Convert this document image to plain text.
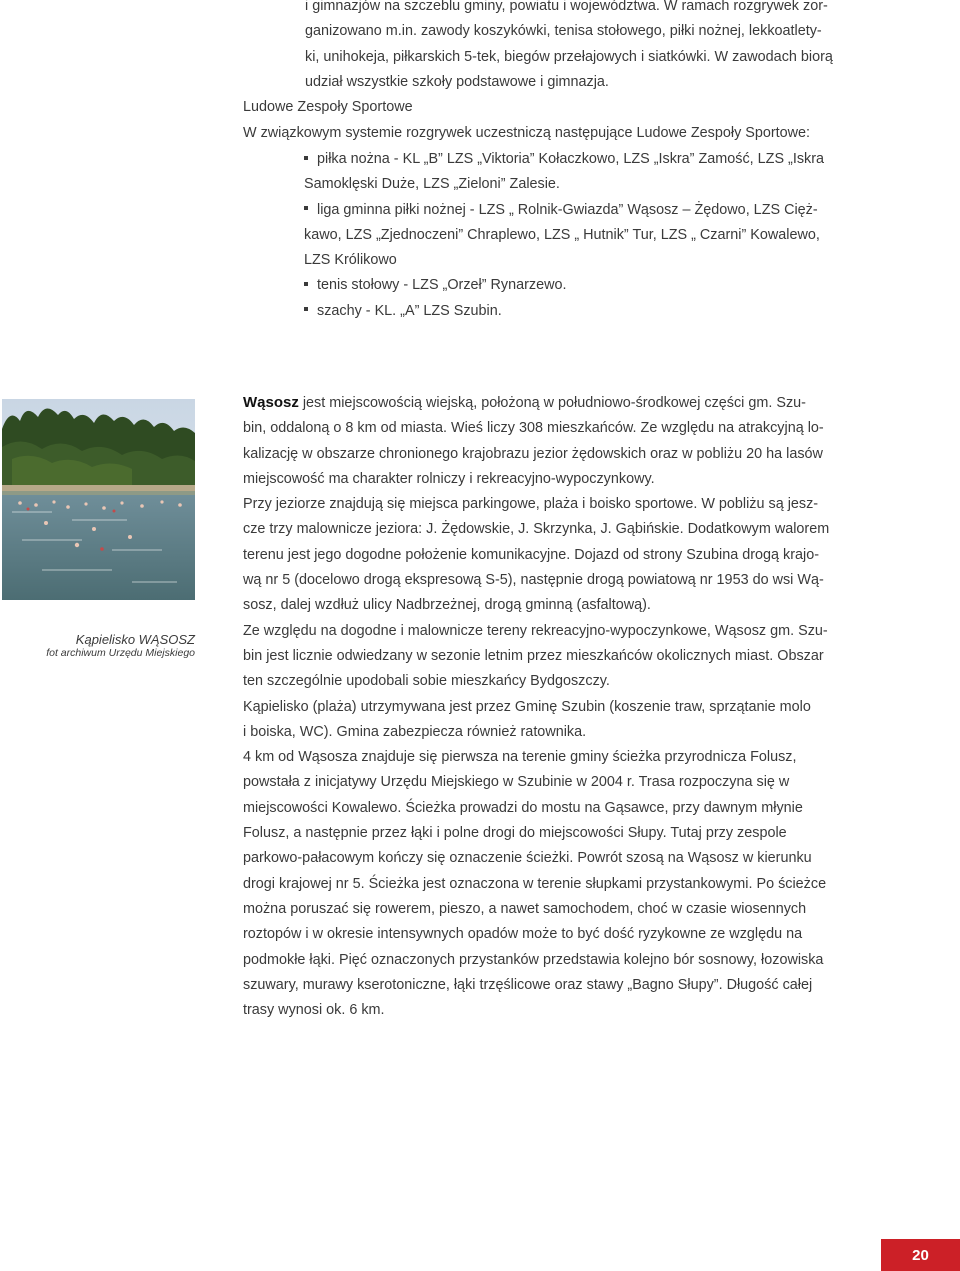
i gimnazjów na szczeblu gminy, powiatu i województwa. W ramach rozgrywek zor-

ganizowano m.in. zawody koszykówki, tenisa stołowego, piłki nożnej, lekkoatlety-

ki, unihokeja, piłkarskich 5-tek, biegów przełajowych i siatkówki. W zawodach biorą

udział wszystkie szkoły podstawowe i gimnazja.

Ludowe Zespoły Sportowe

W związkowym systemie rozgrywek uczestniczą następujące Ludowe Zespoły Sportowe:

piłka nożna - KL „B” LZS „Viktoria” Kołaczkowo, LZS „Iskra” Zamość, LZS „Iskra

Samoklęski Duże, LZS „Zieloni” Zalesie.

liga gminna piłki nożnej - LZS „ Rolnik-Gwiazda” Wąsosz – Żędowo, LZS Cięż-

kawo, LZS „Zjednoczeni” Chraplewo, LZS „ Hutnik” Tur, LZS „ Czarni” Kowalewo,

LZS Królikowo

tenis stołowy - LZS „Orzeł” Rynarzewo.

szachy - KL. „A” LZS Szubin.

Kąpielisko WĄSOSZ

fot archiwum Urzędu Miejskiego

Wąsosz jest miejscowością wiejską, położoną w południowo-środkowej części gm. Szu-

bin, oddaloną o 8 km od miasta. Wieś liczy 308 mieszkańców. Ze względu na atrakcyjną lo-

kalizację w obszarze chronionego krajobrazu jezior żędowskich oraz w pobliżu 20 ha lasów

miejscowość ma charakter rolniczy i rekreacyjno-wypoczynkowy.

Przy jeziorze znajdują się miejsca parkingowe, plaża i boisko sportowe. W pobliżu są jesz-

cze trzy malownicze jeziora: J. Żędowskie, J. Skrzynka, J. Gąbińskie. Dodatkowym walorem

terenu jest jego dogodne położenie komunikacyjne. Dojazd od strony Szubina drogą krajo-

wą nr 5 (docelowo drogą ekspresową S-5), następnie drogą powiatową nr 1953 do wsi Wą-

sosz, dalej wzdłuż ulicy Nadbrzeżnej, drogą gminną (asfaltową).

Ze względu na dogodne i malownicze tereny rekreacyjno-wypoczynkowe, Wąsosz gm. Szu-

bin jest licznie odwiedzany w sezonie letnim przez mieszkańców okolicznych miast. Obszar

ten szczególnie upodobali sobie mieszkańcy Bydgoszczy.

Kąpielisko (plaża) utrzymywana jest przez Gminę Szubin (koszenie traw, sprzątanie molo

i boiska, WC). Gmina zabezpiecza również ratownika.

4 km od Wąsosza znajduje się pierwsza na terenie gminy ścieżka przyrodnicza Folusz,

powstała z inicjatywy Urzędu Miejskiego w Szubinie w 2004 r. Trasa rozpoczyna się w

miejscowości Kowalewo. Ścieżka prowadzi do mostu na Gąsawce, przy dawnym młynie

Folusz, a następnie przez łąki i polne drogi do miejscowości Słupy. Tutaj przy zespole

parkowo-pałacowym kończy się oznaczenie ścieżki. Powrót szosą na Wąsosz w kierunku

drogi krajowej nr 5. Ścieżka jest oznaczona w terenie słupkami przystankowymi. Po ścieżce

można poruszać się rowerem, pieszo, a nawet samochodem, choć w czasie wiosennych

roztopów i w okresie intensywnych opadów może to być dość ryzykowne ze względu na

podmokłe łąki. Pięć oznaczonych przystanków przedstawia kolejno bór sosnowy, łozowiska

szuwary, murawy kserotoniczne, łąki trzęślicowe oraz stawy „Bagno Słupy”. Długość całej

trasy wynosi ok. 6 km.

20
